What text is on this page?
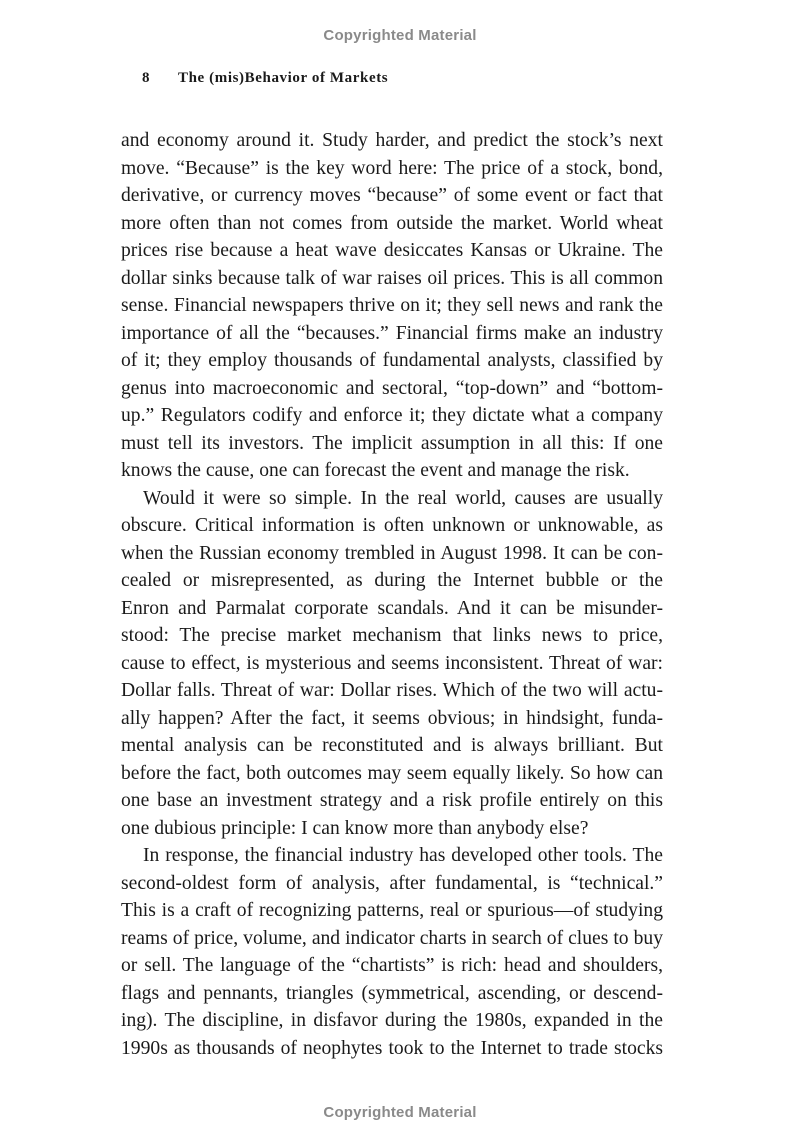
Copyrighted Material
8 The (mis)Behavior of Markets
and economy around it. Study harder, and predict the stock’s next
move. “Because” is the key word here: The price of a stock, bond,
derivative, or currency moves “because” of some event or fact that
more often than not comes from outside the market. World wheat
prices rise because a heat wave desiccates Kansas or Ukraine. The
dollar sinks because talk of war raises oil prices. This is all common
sense. Financial newspapers thrive on it; they sell news and rank the
importance of all the “becauses.” Financial firms make an industry
of it; they employ thousands of fundamental analysts, classified by
genus into macroeconomic and sectoral, “top-down” and “bottom-
up.” Regulators codify and enforce it; they dictate what a company
must tell its investors. The implicit assumption in all this: If one
knows the cause, one can forecast the event and manage the risk.
Would it were so simple. In the real world, causes are usually
obscure. Critical information is often unknown or unknowable, as
when the Russian economy trembled in August 1998. It can be con-
cealed or misrepresented, as during the Internet bubble or the
Enron and Parmalat corporate scandals. And it can be misunder-
stood: The precise market mechanism that links news to price,
cause to effect, is mysterious and seems inconsistent. Threat of war:
Dollar falls. Threat of war: Dollar rises. Which of the two will actu-
ally happen? After the fact, it seems obvious; in hindsight, funda-
mental analysis can be reconstituted and is always brilliant. But
before the fact, both outcomes may seem equally likely. So how can
one base an investment strategy and a risk profile entirely on this
one dubious principle: I can know more than anybody else?
In response, the financial industry has developed other tools. The
second-oldest form of analysis, after fundamental, is “technical.”
This is a craft of recognizing patterns, real or spurious—of studying
reams of price, volume, and indicator charts in search of clues to buy
or sell. The language of the “chartists” is rich: head and shoulders,
flags and pennants, triangles (symmetrical, ascending, or descend-
ing). The discipline, in disfavor during the 1980s, expanded in the
1990s as thousands of neophytes took to the Internet to trade stocks
Copyrighted Material
